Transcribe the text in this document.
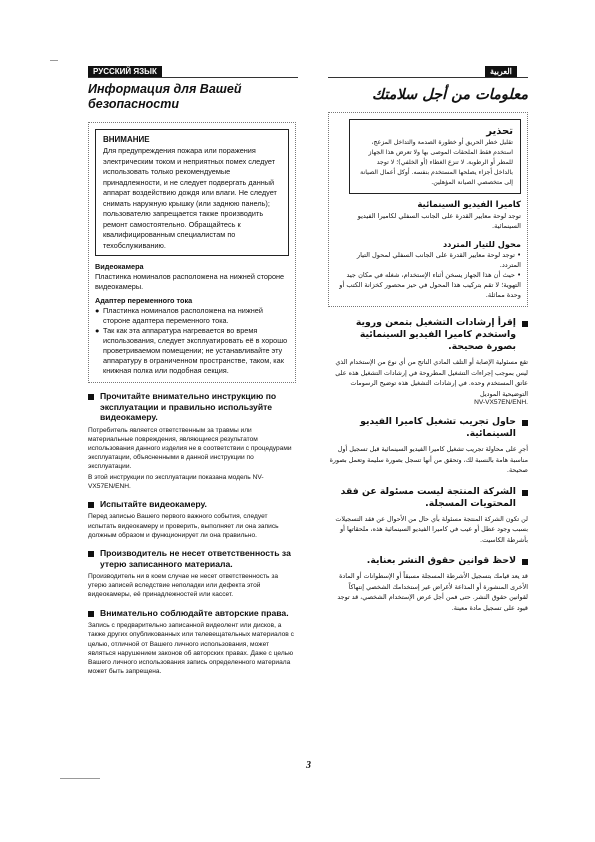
РУССКИЙ ЯЗЫК	العربية
Информация для Вашей безопасности
ВНИМАНИЕ
Для предупреждения пожара или поражения электрическим током и неприятных помех следует использовать только рекомендуемые принадлежности, и не следует подвергать данный аппарат воздействию дождя или влаги. Не следует снимать наружную крышку (или заднюю панель); пользователю запрещается также производить ремонт самостоятельно. Обращайтесь к квалифицированным специалистам по техобслуживанию.
Видеокамера
Пластинка номиналов расположена на нижней стороне видеокамеры.
Адаптер переменного тока
● Пластинка номиналов расположена на нижней стороне адаптера переменного тока.
● Так как эта аппаратура нагревается во время использования, следует эксплуатировать её в хорошо проветриваемом помещении; не устанавливайте эту аппаратуру в ограниченном пространстве, таком, как книжная полка или подобная секция.
Прочитайте внимательно инструкцию по эксплуатации и правильно используйте видеокамеру.
Потребитель является ответственным за травмы или материальные повреждения, являющиеся результатом использования данного изделия не в соответствии с процедурами эксплуатации, объясненными в данной инструкции по эксплуатации.
В этой инструкции по эксплуатации показана модель NV-VX57EN/ENH.
Испытайте видеокамеру.
Перед записью Вашего первого важного события, следует испытать видеокамеру и проверить, выполняет ли она запись должным образом и функционирует ли она правильно.
Производитель не несет ответственность за утерю записанного материала.
Производитель ни в коем случае не несет ответственность за утерю записей вследствие неполадки или дефекта этой видеокамеры, её принадлежностей или кассет.
Внимательно соблюдайте авторские права.
Запись с предварительно записанной видеолент или дисков, а также других опубликованных или телевещательных материалов с целью, отличной от Вашего личного использования, может являться нарушением законов об авторских правах. Даже с целью Вашего личного использования запись определенного материала может быть запрещена.
معلومات من أجل سلامتك
تحذير
تقليل خطر الحريق أو خطورة الصدمة والتداخل المزعج، استخدم فقط الملحقات الموصى بها ولا تعرض هذا الجهاز للمطر أو الرطوبة. لا تنزع الغطاء (أو الخلفي)؛ لا توجد بالداخل أجزاء يصلحها المستخدم بنفسه. أوكل أعمال الصيانة إلى متخصصي الصيانة المؤهلين.
كاميرا الفيديو السينمائية
توجد لوحة معايير القدرة على الجانب السفلي لكاميرا الفيديو السينمائية.
محول للتيار المتردد
• توجد لوحة معايير القدرة على الجانب السفلي لمحول التيار المتردد.
• حيث أن هذا الجهاز يسخن أثناء الإستخدام، شغله في مكان جيد التهوية؛ لا تقم بتركيب هذا المحول في حيز محصور كخزانة الكتب أو وحدة مماثلة.
إقرأ إرشادات التشغيل بتمعن وروية واستخدم كاميرا الفيديو السينمائية بصورة صحيحة.
تقع مسئولية الإصابة أو التلف المادي الناتج من أي نوع من الإستخدام الذي ليس بموجب إجراءات التشغيل المطروحة في إرشادات التشغيل هذه على عاتق المستخدم وحده. في إرشادات التشغيل هذه توضيح الرسومات التوضيحية الموديل
NV-VX57EN/ENH.
حاول تجريب تشغيل كاميرا الفيديو السينمائية.
أجرِ على محاولة تجريب تشغيل كاميرا الفيديو السينمائية قبل تسجيل أول مناسبة هامة بالنسبة لك، وتحقق من أنها تسجل بصورة سليمة وتعمل بصورة صحيحة.
الشركة المنتجة ليست مسئولة عن فقد المحتويات المسجلة.
لن تكون الشركة المنتجة مسئولة بأي حال من الأحوال عن فقد التسجيلات بسبب وجود عطل أو عيب في كاميرا الفيديو السينمائية هذه، ملحقاتها أو بأشرطة الكاسيت.
لاحظ قوانين حقوق النشر بعناية.
قد يعد قيامك بتسجيل الأشرطة المسجلة مسبقاً أو الإسطوانات أو المادة الأخرى المنشورة أو المذاعة لأغراض غير إستخدامك الشخصي إنتهاكاً لقوانين حقوق النشر. حتى فمن أجل غرض الإستخدام الشخصي، قد توجد قيود على تسجيل مادة معينة.
3
